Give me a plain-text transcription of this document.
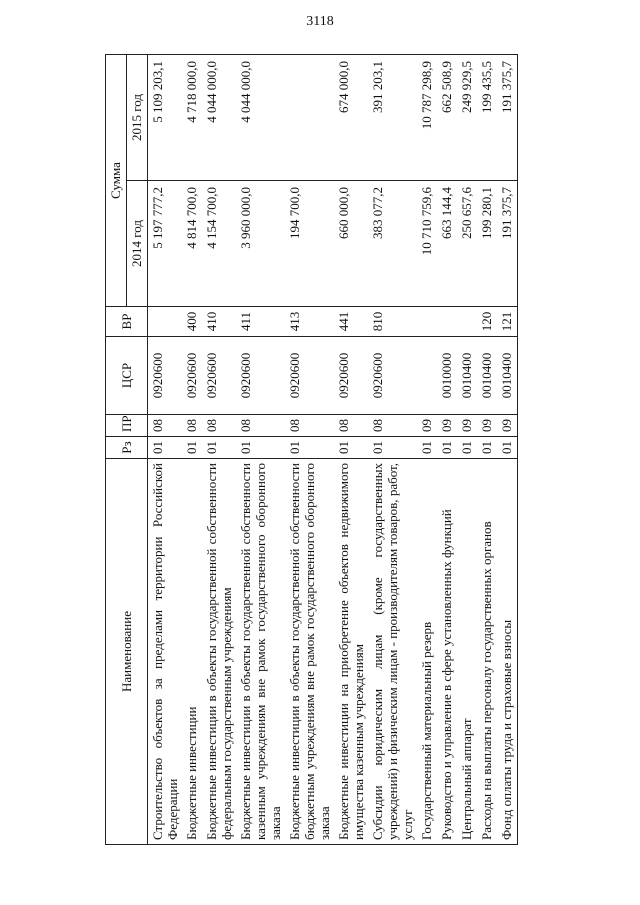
3118
Наименование	Рз	ПР	ЦСР	ВР	Сумма	
					2014 год	2015 год
Строительство объектов за пределами территории Российской Федерации	01	08	0920600		5 197 777,2	5 109 203,1
Бюджетные инвестиции	01	08	0920600	400	4 814 700,0	4 718 000,0
Бюджетные инвестиции в объекты государственной собственности федеральным государственным учреждениям	01	08	0920600	410	4 154 700,0	4 044 000,0
Бюджетные инвестиции в объекты государственной собственности казенным учреждениям вне рамок государственного оборонного заказа	01	08	0920600	411	3 960 000,0	4 044 000,0
Бюджетные инвестиции в объекты государственной собственности бюджетным учреждениям вне рамок государственного оборонного заказа	01	08	0920600	413	194 700,0	
Бюджетные инвестиции на приобретение объектов недвижимого имущества казенным учреждениям	01	08	0920600	441	660 000,0	674 000,0
Субсидии юридическим лицам (кроме государственных учреждений) и физическим лицам - производителям товаров, работ, услуг	01	08	0920600	810	383 077,2	391 203,1
Государственный материальный резерв	01	09			10 710 759,6	10 787 298,9
Руководство и управление в сфере установленных функций	01	09	0010000		663 144,4	662 508,9
Центральный аппарат	01	09	0010400		250 657,6	249 929,5
Расходы на выплаты персоналу государственных органов	01	09	0010400	120	199 280,1	199 435,5
Фонд оплаты труда и страховые взносы	01	09	0010400	121	191 375,7	191 375,7
